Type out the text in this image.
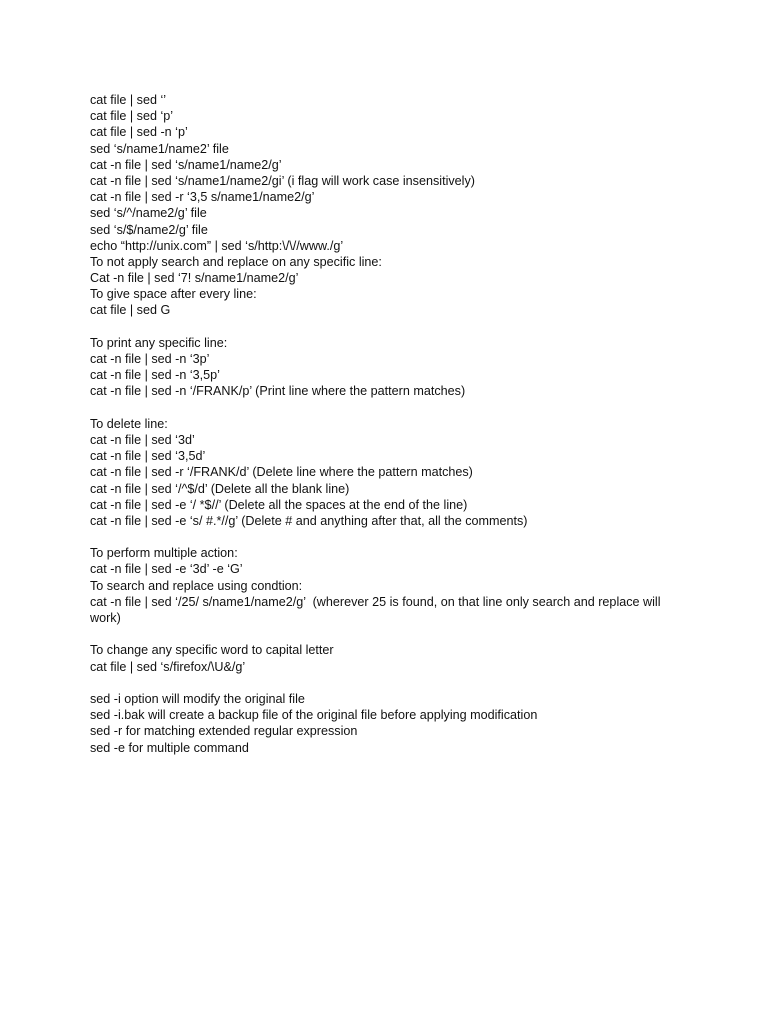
cat file | sed ‘’
cat file | sed ‘p’
cat file | sed -n ‘p’
sed ‘s/name1/name2’ file
cat -n file | sed ‘s/name1/name2/g’
cat -n file | sed ‘s/name1/name2/gi’ (i flag will work case insensitively)
cat -n file | sed -r ‘3,5 s/name1/name2/g’
sed ‘s/^/name2/g’ file
sed ‘s/$/name2/g’ file
echo “http://unix.com” | sed ‘s/http:\/\//www./g’
To not apply search and replace on any specific line:
Cat -n file | sed ‘7! s/name1/name2/g’
To give space after every line:
cat file | sed G
To print any specific line:
cat -n file | sed -n ‘3p’
cat -n file | sed -n ‘3,5p’
cat -n file | sed -n ‘/FRANK/p’ (Print line where the pattern matches)
To delete line:
cat -n file | sed ‘3d’
cat -n file | sed ‘3,5d’
cat -n file | sed -r ‘/FRANK/d’ (Delete line where the pattern matches)
cat -n file | sed ‘/^$/d’ (Delete all the blank line)
cat -n file | sed -e ‘/ *$//’ (Delete all the spaces at the end of the line)
cat -n file | sed -e ‘s/ #.*//g’ (Delete # and anything after that, all the comments)
To perform multiple action:
cat -n file | sed -e ‘3d’ -e ‘G’
To search and replace using condtion:
cat -n file | sed ‘/25/ s/name1/name2/g’  (wherever 25 is found, on that line only search and replace will work)
To change any specific word to capital letter
cat file | sed ‘s/firefox/\U&/g’
sed -i option will modify the original file
sed -i.bak will create a backup file of the original file before applying modification
sed -r for matching extended regular expression
sed -e for multiple command
